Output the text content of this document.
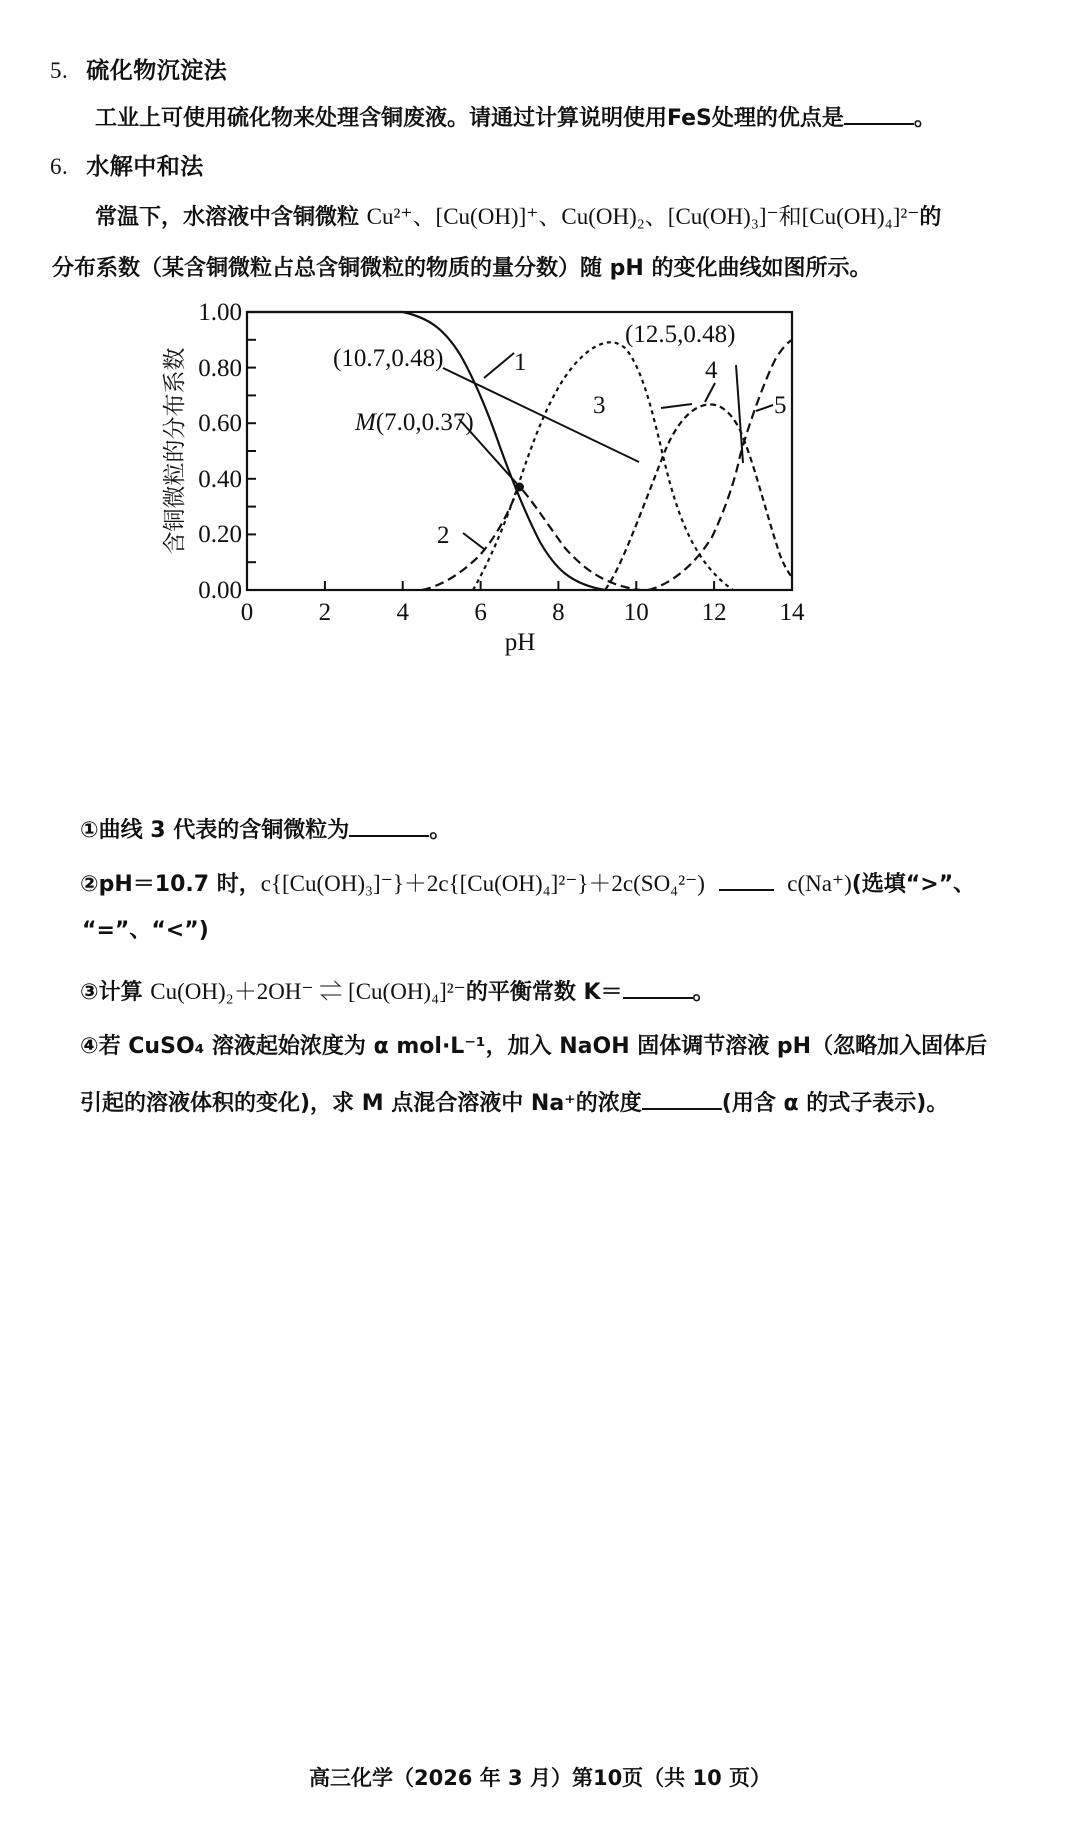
5. 硫化物沉淀法
工业上可使用硫化物来处理含铜废液。请通过计算说明使用FeS处理的优点是	。
6. 水解中和法
常温下，水溶液中含铜微粒 Cu²⁺、[Cu(OH)]⁺、Cu(OH)₂、[Cu(OH)₃]⁻和[Cu(OH)₄]²⁻的
分布系数（某含铜微粒占总含铜微粒的物质的量分数）随 pH 的变化曲线如图所示。
0.00
0.20
0.40
0.60
0.80
1.00
0	2	4	6	8 10 12 14
pH
含铜微粒的分布系数	(10.7,0.48)
(12.5,0.48)
M(7.0,0.37)
1
2
3
4
5
①曲线 3 代表的含铜微粒为	。
②pH＝10.7 时，c{[Cu(OH)₃]⁻}＋2c{[Cu(OH)₄]²⁻}＋2c(SO₄²⁻)	c(Na⁺)(选填“>”、
“=”、“<”)
③计算 Cu(OH)₂＋2OH⁻ ⇌ [Cu(OH)₄]²⁻的平衡常数 K＝	。
④若 CuSO₄ 溶液起始浓度为 α mol·L⁻¹，加入 NaOH 固体调节溶液 pH（忽略加入固体后
引起的溶液体积的变化)，求 M 点混合溶液中 Na⁺的浓度	(用含 α 的式子表示)。
高三化学（2026 年 3 月）第10页（共 10 页）
